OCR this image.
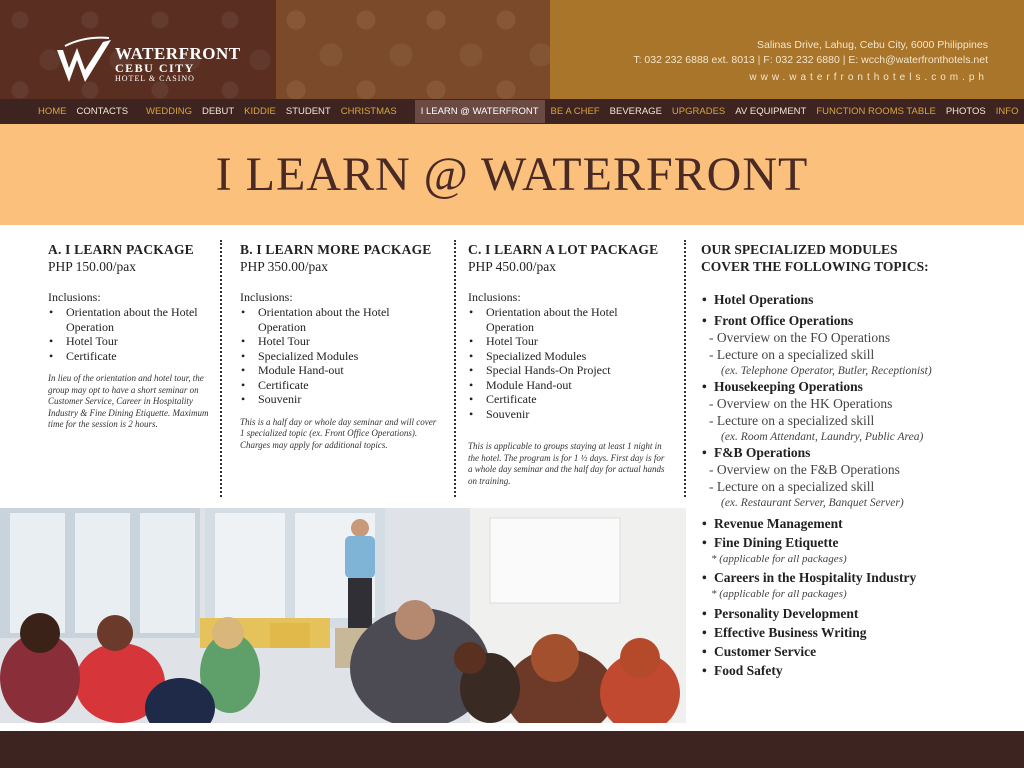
WATERFRONT
CEBU CITY
HOTEL & CASINO
Salinas Drive, Lahug, Cebu City, 6000 Philippines
T: 032 232 6888 ext. 8013 | F: 032 232 6880 | E: wcch@waterfronthotels.net
www.waterfronthotels.com.ph
HOME CONTACTS WEDDING DEBUT KIDDIE STUDENT CHRISTMAS	I LEARN @ WATERFRONT	BE A CHEF BEVERAGE UPGRADES AV EQUIPMENT FUNCTION ROOMS TABLE PHOTOS INFO
I LEARN @ WATERFRONT
A. I LEARN PACKAGE
PHP 150.00/pax
Inclusions:
• Orientation about the Hotel Operation
• Hotel Tour
• Certificate
In lieu of the orientation and hotel tour, the group may opt to have a short seminar on Customer Service, Career in Hospitality Industry & Fine Dining Etiquette. Maximum time for the session is 2 hours.
B. I LEARN MORE PACKAGE
PHP 350.00/pax
Inclusions:
• Orientation about the Hotel Operation
• Hotel Tour
• Specialized Modules
• Module Hand-out
• Certificate
• Souvenir
This is a half day or whole day seminar and will cover 1 specialized topic (ex. Front Office Operations). Charges may apply for additional topics.
C. I LEARN A LOT PACKAGE
PHP 450.00/pax
Inclusions:
• Orientation about the Hotel Operation
• Hotel Tour
• Specialized Modules
• Special Hands-On Project
• Module Hand-out
• Certificate
• Souvenir
This is applicable to groups staying at least 1 night in the hotel. The program is for 1 ½ days. First day is for a whole day seminar and the half day for actual hands on training.
OUR SPECIALIZED MODULES
COVER THE FOLLOWING TOPICS:
• Hotel Operations
• Front Office Operations
- Overview on the FO Operations
- Lecture on a specialized skill
(ex. Telephone Operator, Butler, Receptionist)
• Housekeeping Operations
- Overview on the HK Operations
- Lecture on a specialized skill
(ex. Room Attendant, Laundry, Public Area)
• F&B Operations
- Overview on the F&B Operations
- Lecture on a specialized skill
(ex. Restaurant Server, Banquet Server)
• Revenue Management
• Fine Dining Etiquette
* (applicable for all packages)
• Careers in the Hospitality Industry
* (applicable for all packages)
• Personality Development
• Effective Business Writing
• Customer Service
• Food Safety
